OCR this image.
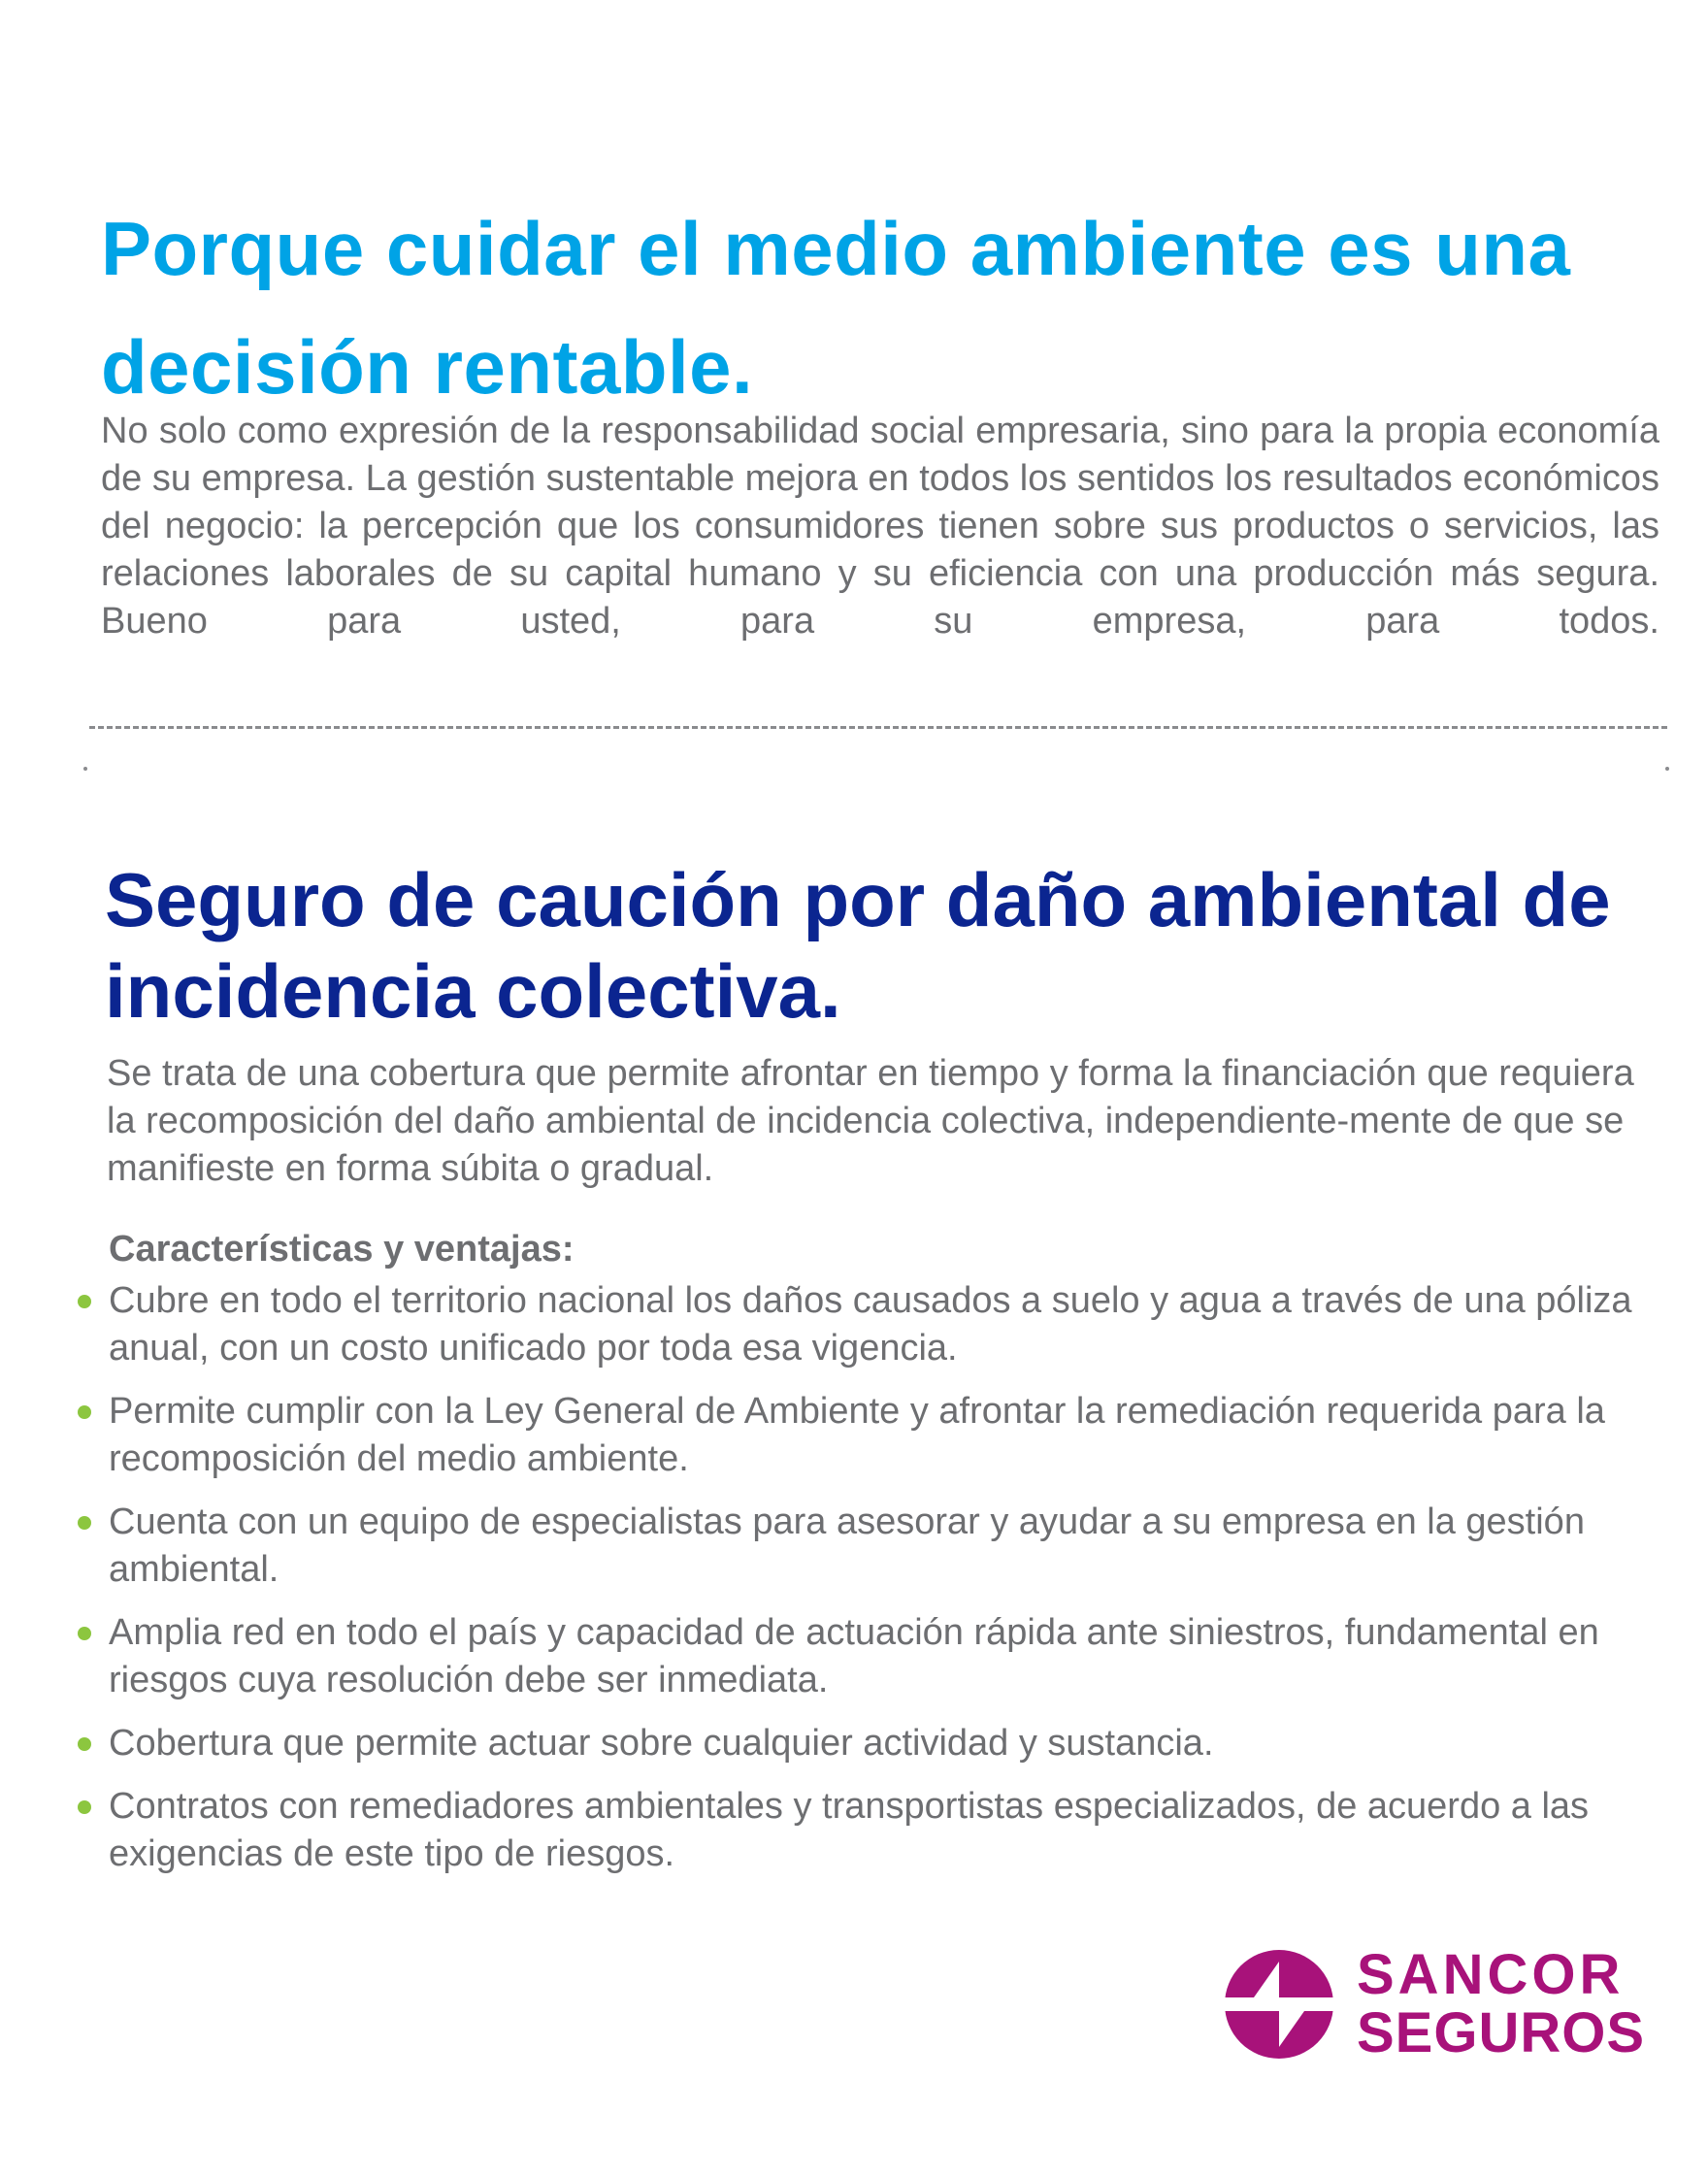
Porque cuidar el medio ambiente es una decisión rentable.

No solo como expresión de la responsabilidad social empresaria, sino para la propia economía de su empresa. La gestión sustentable mejora en todos los sentidos los resultados económicos del negocio: la percepción que los consumidores tienen sobre sus productos o servicios, las relaciones laborales de su capital humano y su eficiencia con una producción más segura. Bueno para usted, para su empresa, para todos.

Seguro de caución por daño ambiental de incidencia colectiva.

Se trata de una cobertura que permite afrontar en tiempo y forma la financiación que requiera la recomposición del daño ambiental de incidencia colectiva, independiente-mente de que se manifieste en forma súbita o gradual.

Características y ventajas:
Cubre en todo el territorio nacional los daños causados a suelo y agua a través de una póliza anual, con un costo unificado por toda esa vigencia.
Permite cumplir con la Ley General de Ambiente y afrontar la remediación requerida para la recomposición del medio ambiente.
Cuenta con un equipo de especialistas para asesorar y ayudar a su empresa en la gestión ambiental.
Amplia red en todo el país y capacidad de actuación rápida ante siniestros, fundamental en riesgos cuya resolución debe ser inmediata.
Cobertura que permite actuar sobre cualquier actividad y sustancia.
Contratos con remediadores ambientales y transportistas especializados, de acuerdo a las exigencias de este tipo de riesgos.
SANCOR
SEGUROS
